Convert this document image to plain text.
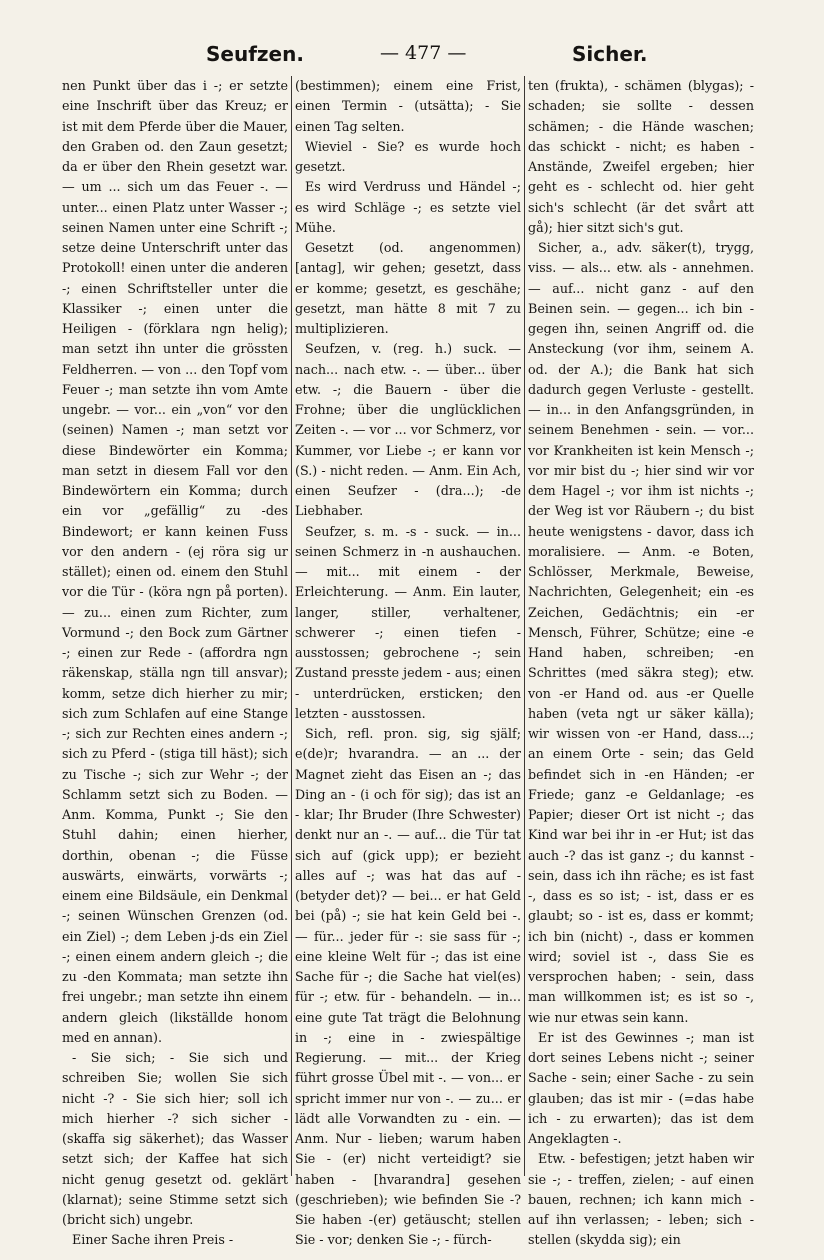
Seufzen.	— 477 —	Sicher.

nen Punkt über das i -; er setzte eine Inschrift über das Kreuz; er ist mit dem Pferde über die Mauer, den Graben od. den Zaun gesetzt; da er über den Rhein gesetzt war. — um ... sich um das Feuer -. — unter... einen Platz unter Wasser -; seinen Namen unter eine Schrift -; setze deine Unterschrift unter das Protokoll! einen unter die anderen -; einen Schriftsteller unter die Klassiker -; einen unter die Heiligen - (förklara ngn helig); man setzt ihn unter die grössten Feldherren. — von ... den Topf vom Feuer -; man setzte ihn vom Amte ungebr. — vor... ein „von“ vor den (seinen) Namen -; man setzt vor diese Bindewörter ein Komma; man setzt in diesem Fall vor den Bindewörtern ein Komma; durch ein vor „gefällig“ zu -des Bindewort; er kann keinen Fuss vor den andern - (ej röra sig ur stället); einen od. einem den Stuhl vor die Tür - (köra ngn på porten). — zu... einen zum Richter, zum Vormund -; den Bock zum Gärtner -; einen zur Rede - (affordra ngn räkenskap, ställa ngn till ansvar); komm, setze dich hierher zu mir; sich zum Schlafen auf eine Stange -; sich zur Rechten eines andern -; sich zu Pferd - (stiga till häst); sich zu Tische -; sich zur Wehr -; der Schlamm setzt sich zu Boden. — Anm. Komma, Punkt -; Sie den Stuhl dahin; einen hierher, dorthin, obenan -; die Füsse auswärts, einwärts, vorwärts -; einem eine Bildsäule, ein Denkmal -; seinen Wünschen Grenzen (od. ein Ziel) -; dem Leben j-ds ein Ziel -; einen einem andern gleich -; die zu -den Kommata; man setzte ihn frei ungebr.; man setzte ihn einem andern gleich (likställde honom med en annan).

- Sie sich; - Sie sich und schreiben Sie; wollen Sie sich nicht -? - Sie sich hier; soll ich mich hierher -? sich sicher - (skaffa sig säkerhet); das Wasser setzt sich; der Kaffee hat sich nicht genug gesetzt od. geklärt (klarnat); seine Stimme setzt sich (bricht sich) ungebr.

Einer Sache ihren Preis -

(bestimmen); einem eine Frist, einen Termin - (utsätta); - Sie einen Tag selten.

Wieviel - Sie? es wurde hoch gesetzt.

Es wird Verdruss und Händel -; es wird Schläge -; es setzte viel Mühe.

Gesetzt (od. angenommen) [antag], wir gehen; gesetzt, dass er komme; gesetzt, es geschähe; gesetzt, man hätte 8 mit 7 zu multiplizieren.

Seufzen, v. (reg. h.) suck. — nach... nach etw. -. — über... über etw. -; die Bauern - über die Frohne; über die unglücklichen Zeiten -. — vor ... vor Schmerz, vor Kummer, vor Liebe -; er kann vor (S.) - nicht reden. — Anm. Ein Ach, einen Seufzer - (dra...); -de Liebhaber.

Seufzer, s. m. -s - suck. — in... seinen Schmerz in -n aushauchen. — mit... mit einem - der Erleichterung. — Anm. Ein lauter, langer, stiller, verhaltener, schwerer -; einen tiefen - ausstossen; gebrochene -; sein Zustand presste jedem - aus; einen - unterdrücken, ersticken; den letzten - ausstossen.

Sich, refl. pron. sig, sig själf; e(de)r; hvarandra. — an ... der Magnet zieht das Eisen an -; das Ding an - (i och för sig); das ist an - klar; Ihr Bruder (Ihre Schwester) denkt nur an -. — auf... die Tür tat sich auf (gick upp); er bezieht alles auf -; was hat das auf - (betyder det)? — bei... er hat Geld bei (på) -; sie hat kein Geld bei -. — für... jeder für -: sie sass für -; eine kleine Welt für -; das ist eine Sache für -; die Sache hat viel(es) für -; etw. für - behandeln. — in... eine gute Tat trägt die Belohnung in -; eine in - zwiespältige Regierung. — mit... der Krieg führt grosse Übel mit -. — von... er spricht immer nur von -. — zu... er lädt alle Vorwandten zu - ein. — Anm. Nur - lieben; warum haben Sie - (er) nicht verteidigt? sie haben - [hvarandra] gesehen (geschrieben); wie befinden Sie -? Sie haben -(er) getäuscht; stellen Sie - vor; denken Sie -; - fürch-

ten (frukta), - schämen (blygas); - schaden; sie sollte - dessen schämen; - die Hände waschen; das schickt - nicht; es haben - Anstände, Zweifel ergeben; hier geht es - schlecht od. hier geht sich's schlecht (är det svårt att gå); hier sitzt sich's gut.

Sicher, a., adv. säker(t), trygg, viss. — als... etw. als - annehmen. — auf... nicht ganz - auf den Beinen sein. — gegen... ich bin - gegen ihn, seinen Angriff od. die Ansteckung (vor ihm, seinem A. od. der A.); die Bank hat sich dadurch gegen Verluste - gestellt. — in... in den Anfangsgründen, in seinem Benehmen - sein. — vor... vor Krankheiten ist kein Mensch -; vor mir bist du -; hier sind wir vor dem Hagel -; vor ihm ist nichts -; der Weg ist vor Räubern -; du bist heute wenigstens - davor, dass ich moralisiere. — Anm. -e Boten, Schlösser, Merkmale, Beweise, Nachrichten, Gelegenheit; ein -es Zeichen, Gedächtnis; ein -er Mensch, Führer, Schütze; eine -e Hand haben, schreiben; -en Schrittes (med säkra steg); etw. von -er Hand od. aus -er Quelle haben (veta ngt ur säker källa); wir wissen von -er Hand, dass...; an einem Orte - sein; das Geld befindet sich in -en Händen; -er Friede; ganz -e Geldanlage; -es Papier; dieser Ort ist nicht -; das Kind war bei ihr in -er Hut; ist das auch -? das ist ganz -; du kannst - sein, dass ich ihn räche; es ist fast -, dass es so ist; - ist, dass er es glaubt; so - ist es, dass er kommt; ich bin (nicht) -, dass er kommen wird; soviel ist -, dass Sie es versprochen haben; - sein, dass man willkommen ist; es ist so -, wie nur etwas sein kann.

Er ist des Gewinnes -; man ist dort seines Lebens nicht -; seiner Sache - sein; einer Sache - zu sein glauben; das ist mir - (=das habe ich - zu erwarten); das ist dem Angeklagten -.

Etw. - befestigen; jetzt haben wir sie -; - treffen, zielen; - auf einen bauen, rechnen; ich kann mich - auf ihn verlassen; - leben; sich - stellen (skydda sig); ein
